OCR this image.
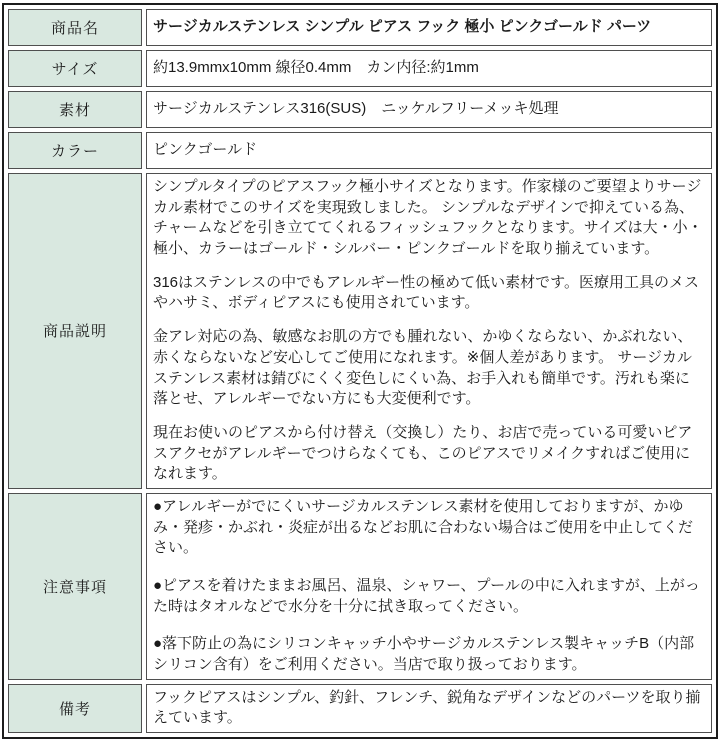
商品名	サージカルステンレス シンプル ピアス フック 極小 ピンクゴールド パーツ
サイズ	約13.9mmx10mm 線径0.4mm　カン内径:約1mm
素材	サージカルステンレス316(SUS)　ニッケルフリーメッキ処理
カラー	ピンクゴールド
商品説明	シンプルタイプのピアスフック極小サイズとなります。作家様のご要望よりサージカル素材でこのサイズを実現致しました。 シンプルなデザインで抑えている為、チャームなどを引き立ててくれるフィッシュフックとなります。サイズは大・小・極小、カラーはゴールド・シルバー・ピンクゴールドを取り揃えています。

316はステンレスの中でもアレルギー性の極めて低い素材です。医療用工具のメスやハサミ、ボディピアスにも使用されています。

金アレ対応の為、敏感なお肌の方でも腫れない、かゆくならない、かぶれない、赤くならないなど安心してご使用になれます。※個人差があります。 サージカルステンレス素材は錆びにくく変色しにくい為、お手入れも簡単です。汚れも楽に落とせ、アレルギーでない方にも大変便利です。

現在お使いのピアスから付け替え（交換し）たり、お店で売っている可愛いピアスアクセがアレルギーでつけらなくても、このピアスでリメイクすればご使用になれます。

注意事項	●アレルギーがでにくいサージカルステンレス素材を使用しておりますが、かゆみ・発疹・かぶれ・炎症が出るなどお肌に合わない場合はご使用を中止してください。

●ピアスを着けたままお風呂、温泉、シャワー、プールの中に入れますが、上がった時はタオルなどで水分を十分に拭き取ってください。

●落下防止の為にシリコンキャッチ小やサージカルステンレス製キャッチB（内部シリコン含有）をご利用ください。当店で取り扱っております。

備考	フックピアスはシンプル、釣針、フレンチ、鋭角なデザインなどのパーツを取り揃えています。
